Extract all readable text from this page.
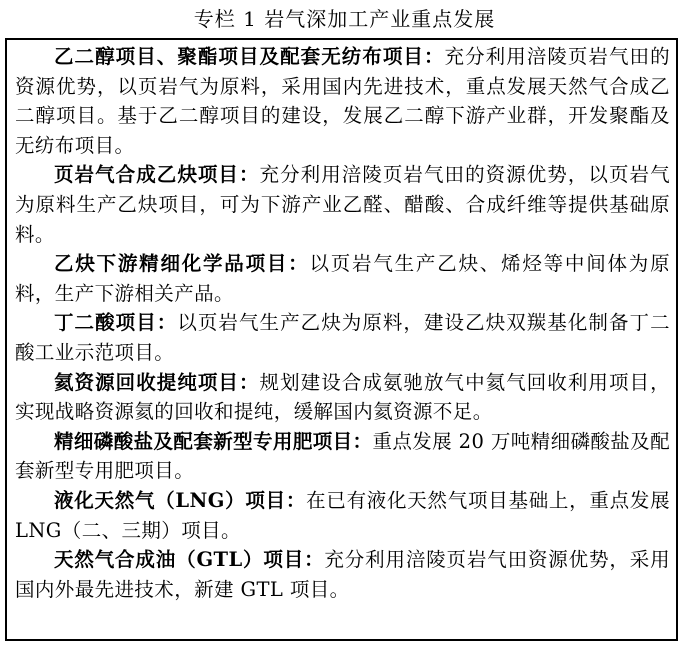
专栏 1 岩气深加工产业重点发展

乙二醇项目、聚酯项目及配套无纺布项目：充分利用涪陵页岩气田的资源优势，以页岩气为原料，采用国内先进技术，重点发展天然气合成乙二醇项目。基于乙二醇项目的建设，发展乙二醇下游产业群，开发聚酯及无纺布项目。

页岩气合成乙炔项目：充分利用涪陵页岩气田的资源优势，以页岩气为原料生产乙炔项目，可为下游产业乙醛、醋酸、合成纤维等提供基础原料。

乙炔下游精细化学品项目：以页岩气生产乙炔、烯烃等中间体为原料，生产下游相关产品。

丁二酸项目：以页岩气生产乙炔为原料，建设乙炔双羰基化制备丁二酸工业示范项目。

氦资源回收提纯项目：规划建设合成氨驰放气中氦气回收利用项目，实现战略资源氦的回收和提纯，缓解国内氦资源不足。

精细磷酸盐及配套新型专用肥项目：重点发展 20 万吨精细磷酸盐及配套新型专用肥项目。

液化天然气（LNG）项目：在已有液化天然气项目基础上，重点发展 LNG（二、三期）项目。

天然气合成油（GTL）项目：充分利用涪陵页岩气田资源优势，采用国内外最先进技术，新建 GTL 项目。
